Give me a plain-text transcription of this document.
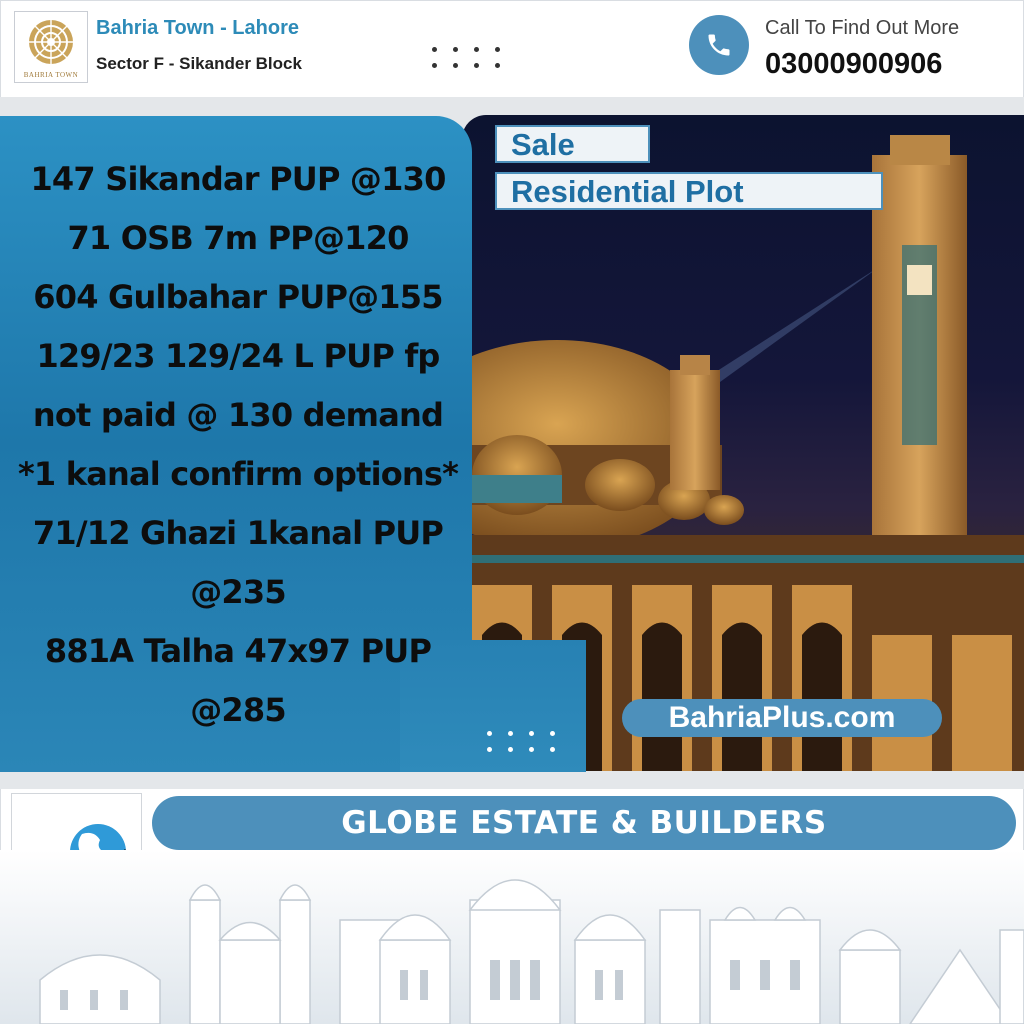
BAHRIA TOWN
Bahria Town - Lahore
Sector F - Sikander Block
Call To Find Out More
03000900906
147 Sikandar PUP @130
71 OSB 7m PP@120
604 Gulbahar PUP@155
129/23 129/24 L PUP fp
not paid @ 130 demand
*1 kanal confirm options*
71/12 Ghazi 1kanal PUP
@235
881A Talha 47x97 PUP
@285
Sale
Residential Plot
BahriaPlus.com
GLOBE ESTATE & BUILDERS
